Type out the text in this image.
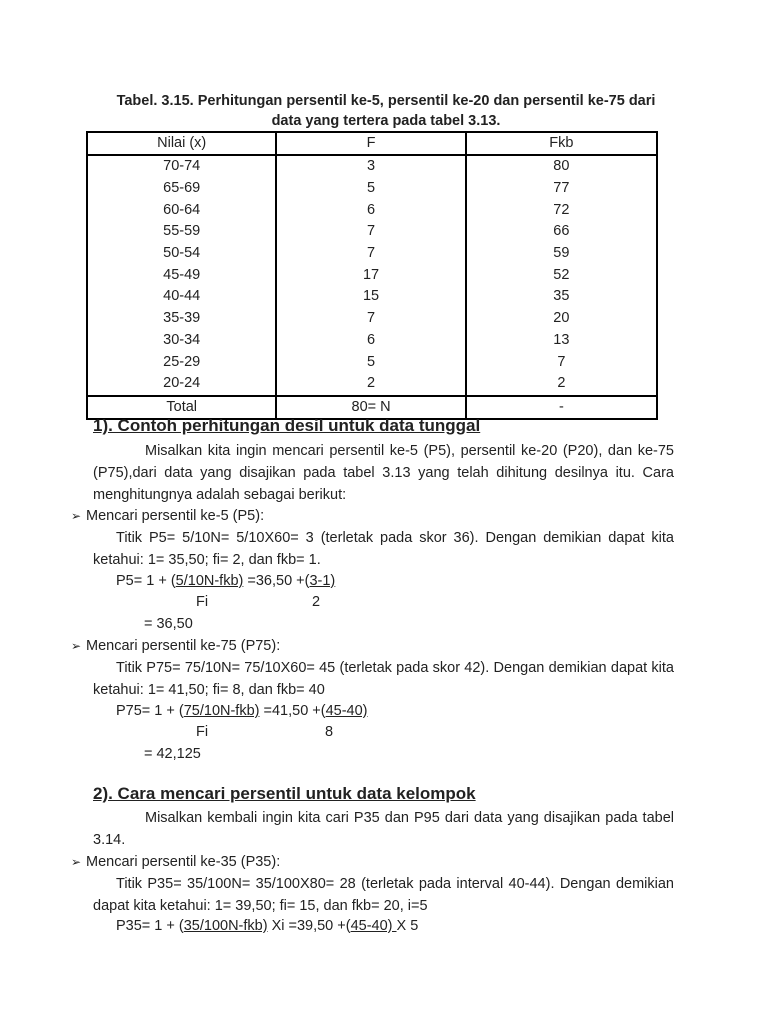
Tabel. 3.15. Perhitungan persentil ke-5, persentil ke-20 dan persentil ke-75 dari
data yang tertera pada tabel 3.13.
Nilai (x)	F	Fkb
70-74	3	80
65-69	5	77
60-64	6	72
55-59	7	66
50-54	7	59
45-49	17	52
40-44	15	35
35-39	7	20
30-34	6	13
25-29	5	7
20-24	2	2
Total	80= N	-
1). Contoh perhitungan desil untuk data tunggal
Misalkan kita ingin mencari persentil ke-5 (P5), persentil ke-20 (P20), dan ke-75 (P75),dari data yang disajikan pada tabel 3.13 yang telah dihitung desilnya itu. Cara menghitungnya adalah sebagai berikut:
➢ Mencari persentil ke-5 (P5):
Titik P5= 5/10N= 5/10X60= 3 (terletak pada skor 36). Dengan demikian dapat kita ketahui: 1= 35,50; fi= 2, dan fkb= 1.
P5= 1 + (5/10N-fkb) =36,50 +(3-1)
Fi	2
= 36,50
➢ Mencari persentil ke-75 (P75):
Titik P75= 75/10N= 75/10X60= 45 (terletak pada skor 42). Dengan demikian dapat kita ketahui: 1= 41,50; fi= 8, dan fkb= 40
P75= 1 + (75/10N-fkb) =41,50 +(45-40)
Fi	8
= 42,125
2). Cara mencari persentil untuk data kelompok
Misalkan kembali ingin kita cari P35 dan P95 dari data yang disajikan pada tabel 3.14.
➢ Mencari persentil ke-35 (P35):
Titik P35= 35/100N= 35/100X80= 28 (terletak pada interval 40-44). Dengan demikian dapat kita ketahui: 1= 39,50; fi= 15, dan fkb= 20, i=5
P35= 1 + (35/100N-fkb) Xi =39,50 +(45-40) X 5
